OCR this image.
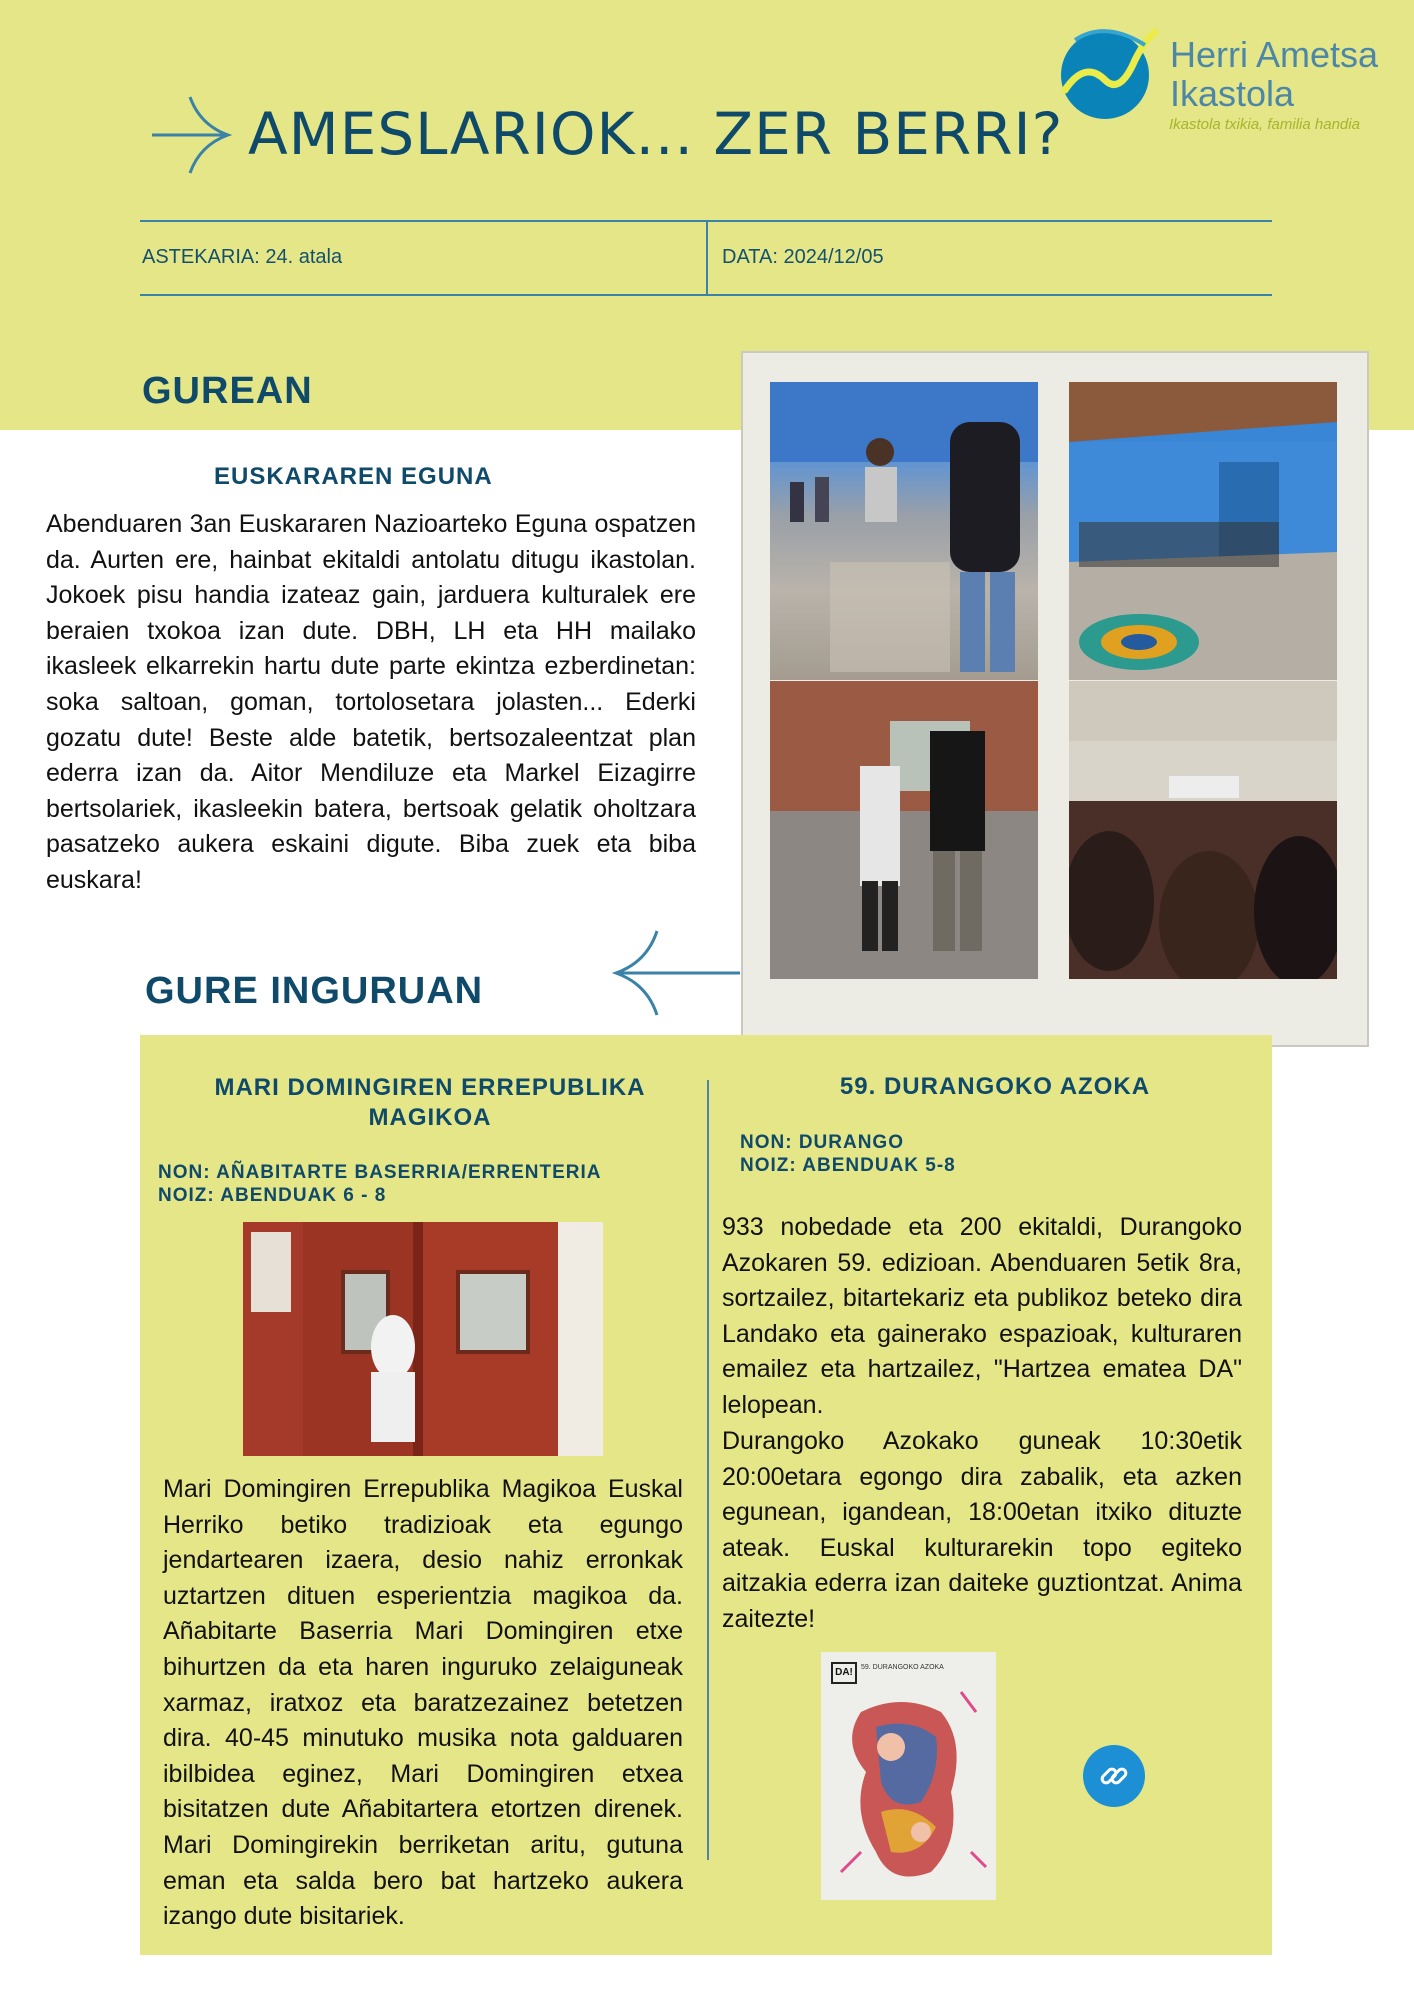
AMESLARIOK... ZER BERRI?
Herri Ametsa
Ikastola
Ikastola txikia, familia handia
ASTEKARIA: 24. atala	DATA: 2024/12/05
GUREAN
EUSKARAREN EGUNA
Abenduaren 3an Euskararen Nazioarteko Eguna ospatzen da. Aurten ere, hainbat ekitaldi antolatu ditugu ikastolan. Jokoek pisu handia izateaz gain, jarduera kulturalek ere beraien txokoa izan dute. DBH, LH eta HH mailako ikasleek elkarrekin hartu dute parte ekintza ezberdinetan: soka saltoan, goman, tortolosetara jolasten... Ederki gozatu dute! Beste alde batetik, bertsozaleentzat plan ederra izan da. Aitor Mendiluze eta Markel Eizagirre bertsolariek, ikasleekin batera, bertsoak gelatik oholtzara pasatzeko aukera eskaini digute. Biba zuek eta biba euskara!
GURE INGURUAN
MARI DOMINGIREN ERREPUBLIKA MAGIKOA
NON: AÑABITARTE BASERRIA/ERRENTERIA
NOIZ: ABENDUAK 6 - 8
Mari Domingiren Errepublika Magikoa Euskal Herriko betiko tradizioak eta egungo jendartearen izaera, desio nahiz erronkak uztartzen dituen esperientzia magikoa da. Añabitarte Baserria Mari Domingiren etxe bihurtzen da eta haren inguruko zelaiguneak xarmaz, iratxoz eta baratzezainez betetzen dira. 40-45 minutuko musika nota galduaren ibilbidea eginez, Mari Domingiren etxea bisitatzen dute Añabitartera etortzen direnek. Mari Domingirekin berriketan aritu, gutuna eman eta salda bero bat hartzeko aukera izango dute bisitariek.
59. DURANGOKO AZOKA
NON: DURANGO
NOIZ: ABENDUAK 5-8
933 nobedade eta 200 ekitaldi, Durangoko Azokaren 59. edizioan. Abenduaren 5etik 8ra, sortzailez, bitartekariz eta publikoz beteko dira Landako eta gainerako espazioak, kulturaren emailez eta hartzailez, "Hartzea ematea DA" lelopean.
Durangoko Azokako guneak 10:30etik 20:00etara egongo dira zabalik, eta azken egunean, igandean, 18:00etan itxiko dituzte ateak. Euskal kulturarekin topo egiteko aitzakia ederra izan daiteke guztiontzat. Anima zaitezte!
DA!	59. DURANGOKO AZOKA
